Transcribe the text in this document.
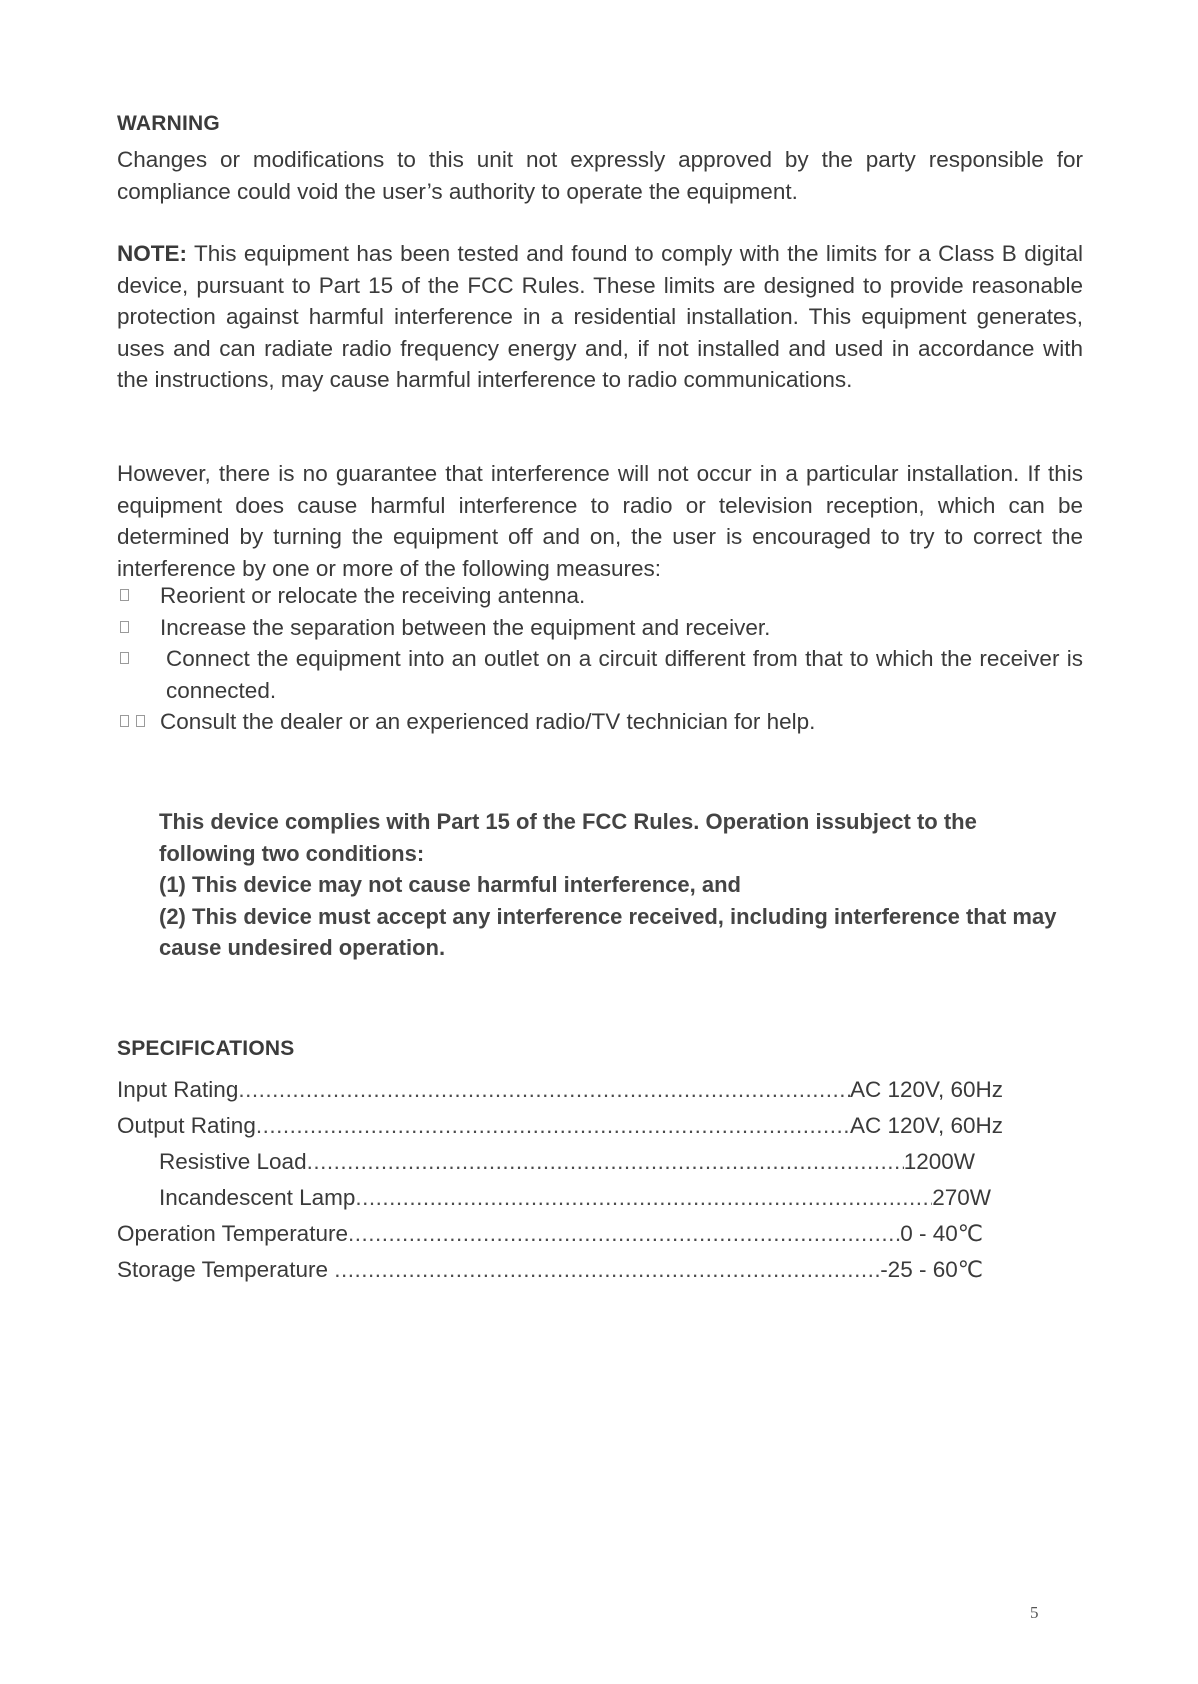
WARNING
Changes or modifications to this unit not expressly approved by the party responsible for compliance could void the user’s authority to operate the equipment.
NOTE: This equipment has been tested and found to comply with the limits for a Class B digital device, pursuant to Part 15 of the FCC Rules. These limits are designed to provide reasonable protection against harmful interference in a residential installation. This equipment generates, uses and can radiate radio frequency energy and, if not installed and used in accordance with the instructions, may cause harmful interference to radio communications.
However, there is no guarantee that interference will not occur in a particular installation. If this equipment does cause harmful interference to radio or television reception, which can be determined by turning the equipment off and on, the user is encouraged to try to correct the interference by one or more of the following measures:
Reorient or relocate the receiving antenna.
Increase the separation between the equipment and receiver.
Connect the equipment into an outlet on a circuit different from that to which the receiver is connected.
Consult the dealer or an experienced radio/TV technician for help.

This device complies with Part 15 of the FCC Rules. Operation issubject to the following two conditions:

(1) This device may not cause harmful interference, and

(2) This device must accept any interference received, including interference that may cause undesired operation.

SPECIFICATIONS
Input Rating .....	AC 120V, 60Hz
Output Rating .....	AC 120V, 60Hz
Resistive Load .....	1200W
Incandescent Lamp .....	270W
Operation Temperature .....	0 - 40℃
Storage Temperature .....	-25 - 60℃
5
